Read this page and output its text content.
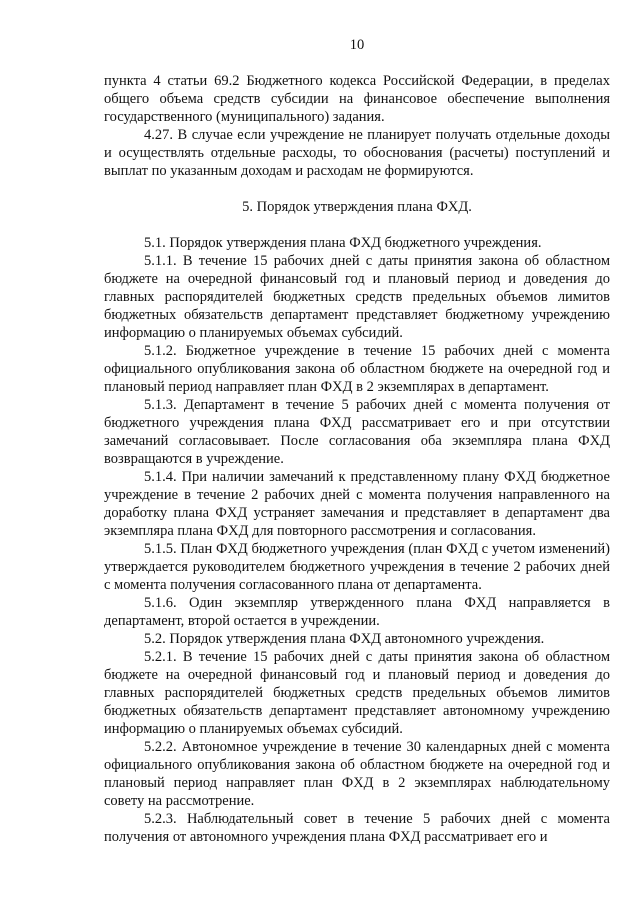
10

пункта 4 статьи 69.2 Бюджетного кодекса Российской Федерации, в пределах общего объема средств субсидии на финансовое обеспечение выполнения государственного (муниципального) задания.

4.27. В случае если учреждение не планирует получать отдельные доходы и осуществлять отдельные расходы, то обоснования (расчеты) поступлений и выплат по указанным доходам и расходам не формируются.

5. Порядок утверждения плана ФХД.

5.1. Порядок утверждения плана ФХД бюджетного учреждения.

5.1.1. В течение 15 рабочих дней с даты принятия закона об областном бюджете на очередной финансовый год и плановый период и доведения до главных распорядителей бюджетных средств предельных объемов лимитов бюджетных обязательств департамент представляет бюджетному учреждению информацию о планируемых объемах субсидий.

5.1.2. Бюджетное учреждение в течение 15 рабочих дней с момента официального опубликования закона об областном бюджете на очередной год и плановый период направляет план ФХД в 2 экземплярах в департамент.

5.1.3. Департамент в течение 5 рабочих дней с момента получения от бюджетного учреждения плана ФХД рассматривает его и при отсутствии замечаний согласовывает. После согласования оба экземпляра плана ФХД возвращаются в учреждение.

5.1.4. При наличии замечаний к представленному плану ФХД бюджетное учреждение в течение 2 рабочих дней с момента получения направленного на доработку плана ФХД устраняет замечания и представляет в департамент два экземпляра плана ФХД для повторного рассмотрения и согласования.

5.1.5. План ФХД бюджетного учреждения (план ФХД с учетом изменений) утверждается руководителем бюджетного учреждения в течение 2 рабочих дней с момента получения согласованного плана от департамента.

5.1.6. Один экземпляр утвержденного плана ФХД направляется в департамент, второй остается в учреждении.

5.2. Порядок утверждения плана ФХД автономного учреждения.

5.2.1. В течение 15 рабочих дней с даты принятия закона об областном бюджете на очередной финансовый год и плановый период и доведения до главных распорядителей бюджетных средств предельных объемов лимитов бюджетных обязательств департамент представляет автономному учреждению информацию о планируемых объемах субсидий.

5.2.2. Автономное учреждение в течение 30 календарных дней с момента официального опубликования закона об областном бюджете на очередной год и плановый период направляет план ФХД в 2 экземплярах наблюдательному совету на рассмотрение.

5.2.3. Наблюдательный совет в течение 5 рабочих дней с момента получения от автономного учреждения плана ФХД рассматривает его и
